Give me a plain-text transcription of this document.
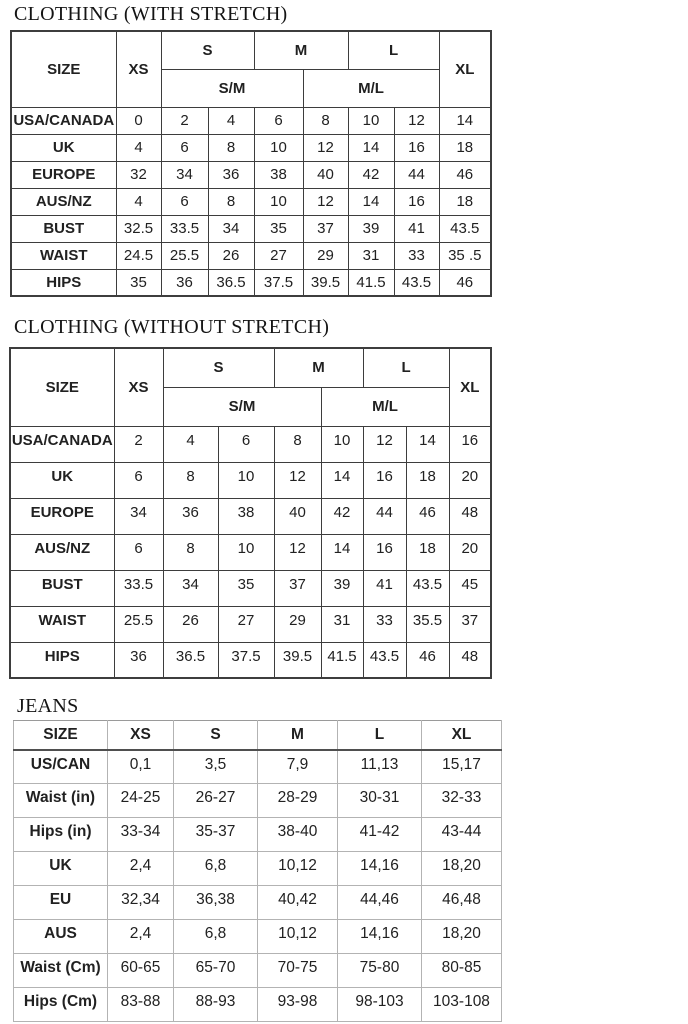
CLOTHING (WITH STRETCH)
SIZE	XS	S		M		L		XL
		S/M			M/L			
USA/CANADA	0	2	4	6	8	10	12	14
UK	4	6	8	10	12	14	16	18
EUROPE	32	34	36	38	40	42	44	46
AUS/NZ	4	6	8	10	12	14	16	18
BUST	32.5	33.5	34	35	37	39	41	43.5
WAIST	24.5	25.5	26	27	29	31	33	35 .5
HIPS	35	36	36.5	37.5	39.5	41.5	43.5	46
CLOTHING (WITHOUT STRETCH)
SIZE	XS	S		M		L		XL
		S/M			M/L			
USA/CANADA	2	4	6	8	10	12	14	16
UK	6	8	10	12	14	16	18	20
EUROPE	34	36	38	40	42	44	46	48
AUS/NZ	6	8	10	12	14	16	18	20
BUST	33.5	34	35	37	39	41	43.5	45
WAIST	25.5	26	27	29	31	33	35.5	37
HIPS	36	36.5	37.5	39.5	41.5	43.5	46	48
JEANS
SIZE	XS	S	M	L	XL
US/CAN	0,1	3,5	7,9	11,13	15,17
Waist (in)	24-25	26-27	28-29	30-31	32-33
Hips (in)	33-34	35-37	38-40	41-42	43-44
UK	2,4	6,8	10,12	14,16	18,20
EU	32,34	36,38	40,42	44,46	46,48
AUS	2,4	6,8	10,12	14,16	18,20
Waist (Cm)	60-65	65-70	70-75	75-80	80-85
Hips (Cm)	83-88	88-93	93-98	98-103	103-108
